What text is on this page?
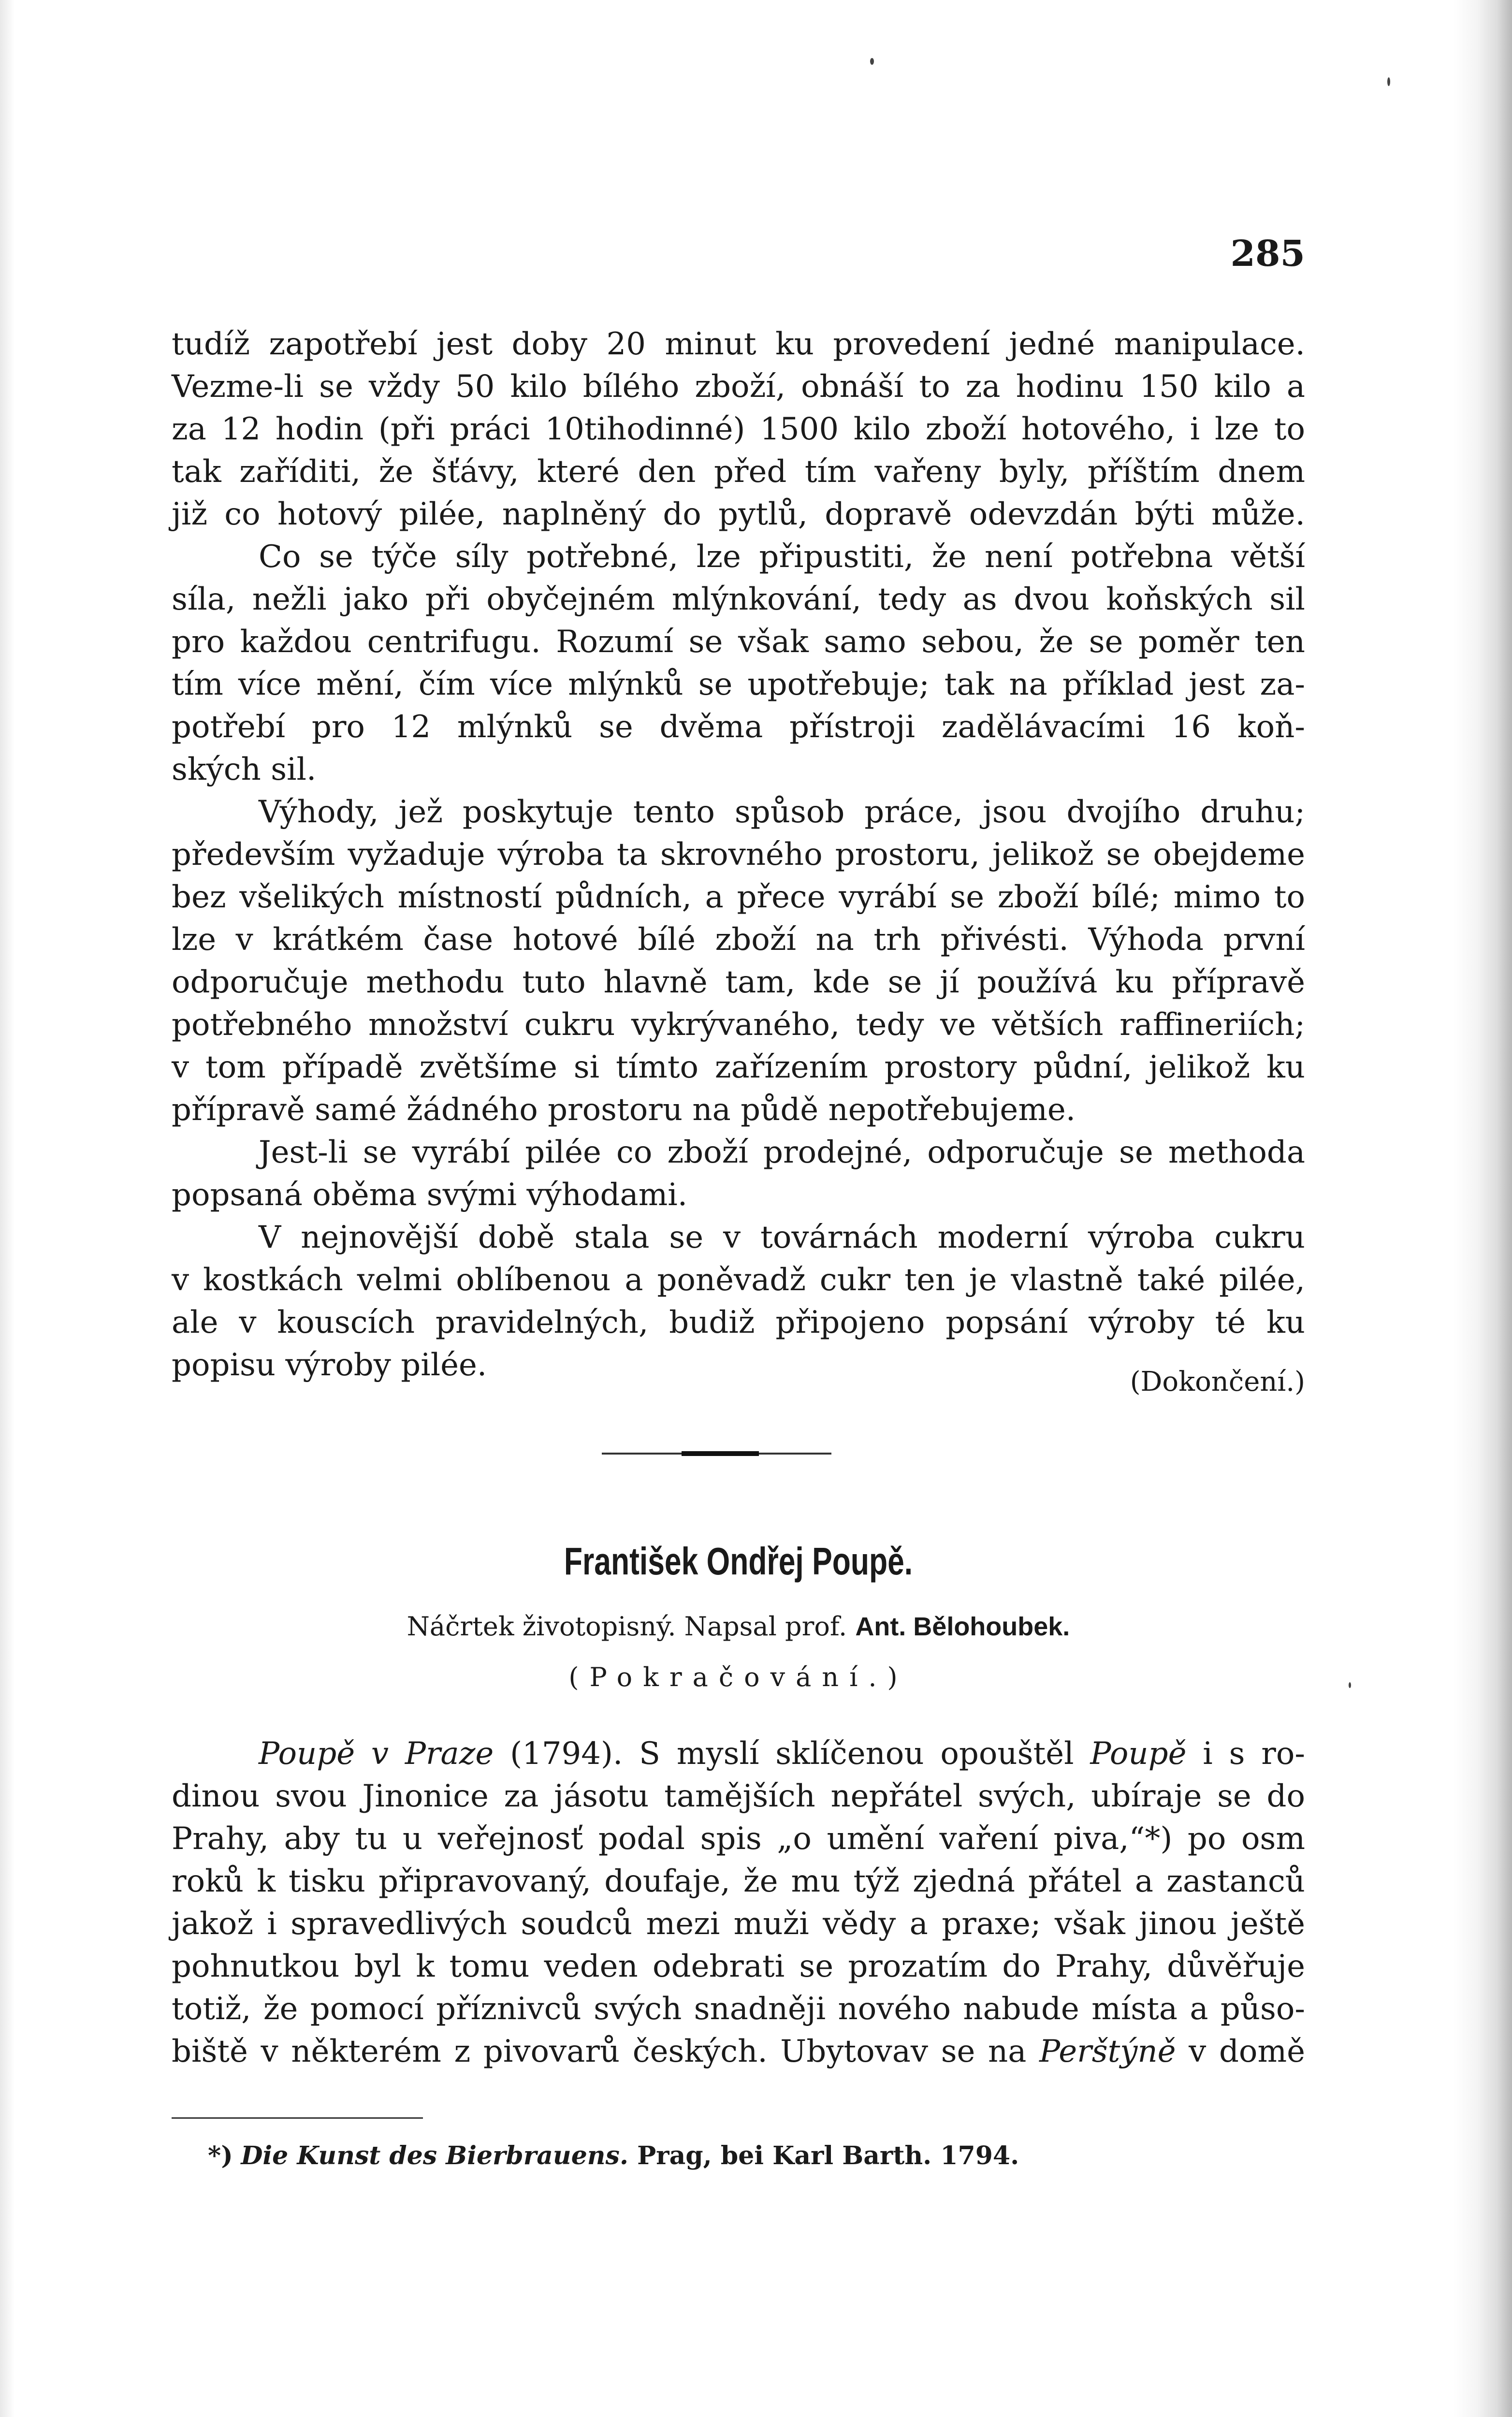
285
tudíž zapotřebí jest doby 20 minut ku provedení jedné manipulace.
Vezme-li se vždy 50 kilo bílého zboží, obnáší to za hodinu 150 kilo a
za 12 hodin (při práci 10tihodinné) 1500 kilo zboží hotového, i lze to
tak zaříditi, že šťávy, které den před tím vařeny byly, příštím dnem
již co hotový pilée, naplněný do pytlů, dopravě odevzdán býti může.
Co se týče síly potřebné, lze připustiti, že není potřebna větší
síla, nežli jako při obyčejném mlýnkování, tedy as dvou koňských sil
pro každou centrifugu. Rozumí se však samo sebou, že se poměr ten
tím více mění, čím více mlýnků se upotřebuje; tak na příklad jest za-
potřebí pro 12 mlýnků se dvěma přístroji zadělávacími 16 koň-
ských sil.
Výhody, jež poskytuje tento spůsob práce, jsou dvojího druhu;
především vyžaduje výroba ta skrovného prostoru, jelikož se obejdeme
bez všelikých místností půdních, a přece vyrábí se zboží bílé; mimo to
lze v krátkém čase hotové bílé zboží na trh přivésti. Výhoda první
odporučuje methodu tuto hlavně tam, kde se jí používá ku přípravě
potřebného množství cukru vykrývaného, tedy ve větších raffineriích;
v tom případě zvětšíme si tímto zařízením prostory půdní, jelikož ku
přípravě samé žádného prostoru na půdě nepotřebujeme.
Jest-li se vyrábí pilée co zboží prodejné, odporučuje se methoda
popsaná oběma svými výhodami.
V nejnovější době stala se v továrnách moderní výroba cukru
v kostkách velmi oblíbenou a poněvadž cukr ten je vlastně také pilée,
ale v kouscích pravidelných, budiž připojeno popsání výroby té ku
popisu výroby pilée.	(Dokončení.)
František Ondřej Poupě.
Náčrtek životopisný. Napsal prof. Ant. Bělohoubek.
(Pokračování.)
Poupě v Praze (1794). S myslí sklíčenou opouštěl Poupě i s ro-
dinou svou Jinonice za jásotu tamějších nepřátel svých, ubíraje se do
Prahy, aby tu u veřejnosť podal spis „o umění vaření piva,“*) po osm
roků k tisku připravovaný, doufaje, že mu týž zjedná přátel a zastanců
jakož i spravedlivých soudců mezi muži vědy a praxe; však jinou ještě
pohnutkou byl k tomu veden odebrati se prozatím do Prahy, důvěřuje
totiž, že pomocí příznivců svých snadněji nového nabude místa a půso-
biště v některém z pivovarů českých. Ubytovav se na Perštýně v domě
*) Die Kunst des Bierbrauens. Prag, bei Karl Barth. 1794.
